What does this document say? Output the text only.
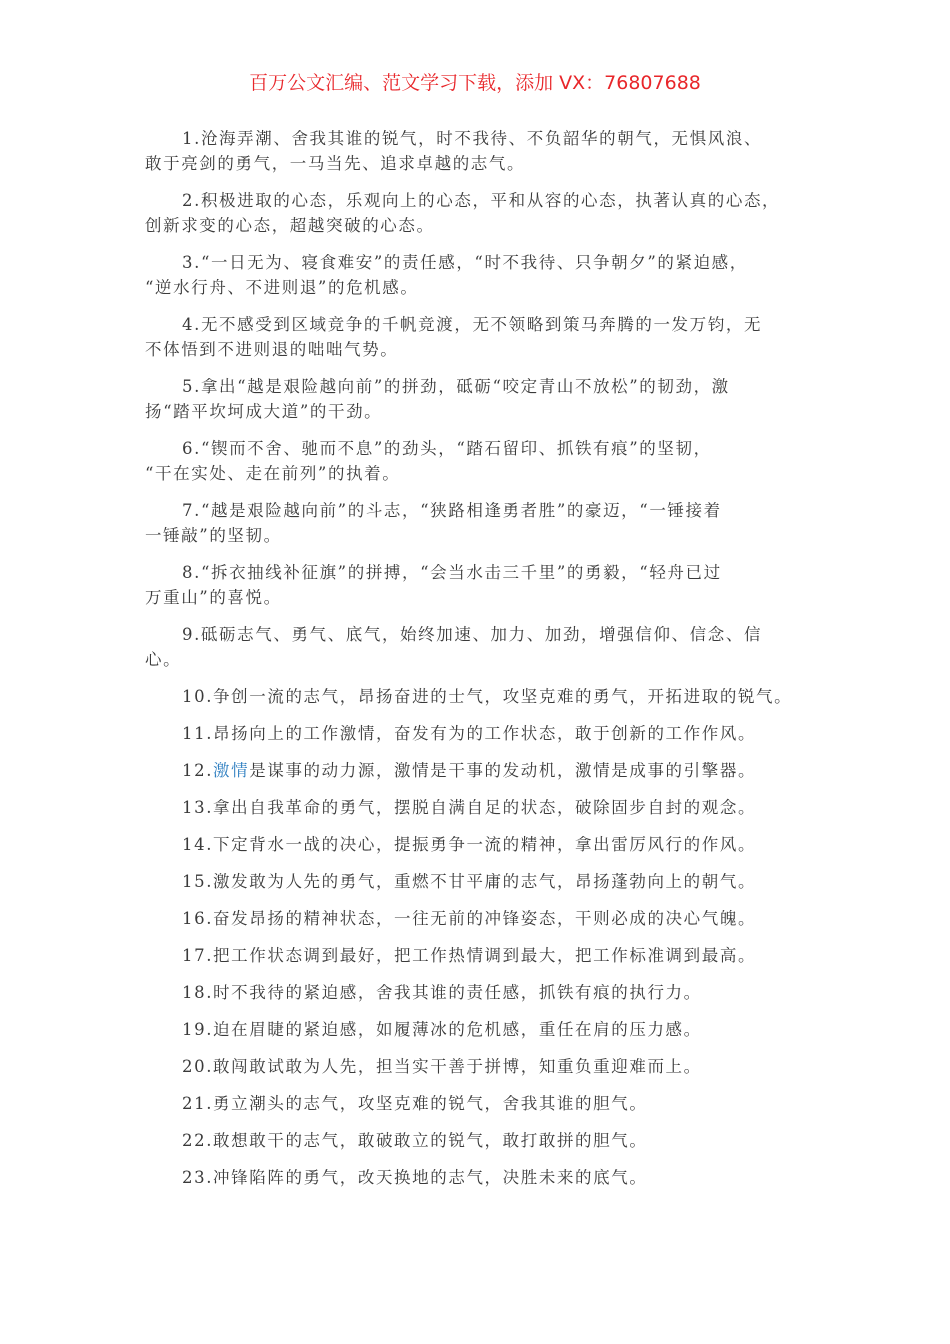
百万公文汇编、范文学习下载，添加 VX：76807688
1.沧海弄潮、舍我其谁的锐气，时不我待、不负韶华的朝气，无惧风浪、
敢于亮剑的勇气，一马当先、追求卓越的志气。
2.积极进取的心态，乐观向上的心态，平和从容的心态，执著认真的心态，
创新求变的心态，超越突破的心态。
3.“一日无为、寝食难安”的责任感，“时不我待、只争朝夕”的紧迫感，
“逆水行舟、不进则退”的危机感。
4.无不感受到区域竞争的千帆竞渡，无不领略到策马奔腾的一发万钧，无
不体悟到不进则退的咄咄气势。
5.拿出“越是艰险越向前”的拼劲，砥砺“咬定青山不放松”的韧劲，激
扬“踏平坎坷成大道”的干劲。
6.“锲而不舍、驰而不息”的劲头，“踏石留印、抓铁有痕”的坚韧，
“干在实处、走在前列”的执着。
7.“越是艰险越向前”的斗志，“狭路相逢勇者胜”的豪迈，“一锤接着
一锤敲”的坚韧。
8.“拆衣抽线补征旗”的拼搏，“会当水击三千里”的勇毅，“轻舟已过
万重山”的喜悦。
9.砥砺志气、勇气、底气，始终加速、加力、加劲，增强信仰、信念、信
心。
10.争创一流的志气，昂扬奋进的士气，攻坚克难的勇气，开拓进取的锐气。
11.昂扬向上的工作激情，奋发有为的工作状态，敢于创新的工作作风。
12.激情是谋事的动力源，激情是干事的发动机，激情是成事的引擎器。
13.拿出自我革命的勇气，摆脱自满自足的状态，破除固步自封的观念。
14.下定背水一战的决心，提振勇争一流的精神，拿出雷厉风行的作风。
15.激发敢为人先的勇气，重燃不甘平庸的志气，昂扬蓬勃向上的朝气。
16.奋发昂扬的精神状态，一往无前的冲锋姿态，干则必成的决心气魄。
17.把工作状态调到最好，把工作热情调到最大，把工作标准调到最高。
18.时不我待的紧迫感，舍我其谁的责任感，抓铁有痕的执行力。
19.迫在眉睫的紧迫感，如履薄冰的危机感，重任在肩的压力感。
20.敢闯敢试敢为人先，担当实干善于拼博，知重负重迎难而上。
21.勇立潮头的志气，攻坚克难的锐气，舍我其谁的胆气。
22.敢想敢干的志气，敢破敢立的锐气，敢打敢拼的胆气。
23.冲锋陷阵的勇气，改天换地的志气，决胜未来的底气。
